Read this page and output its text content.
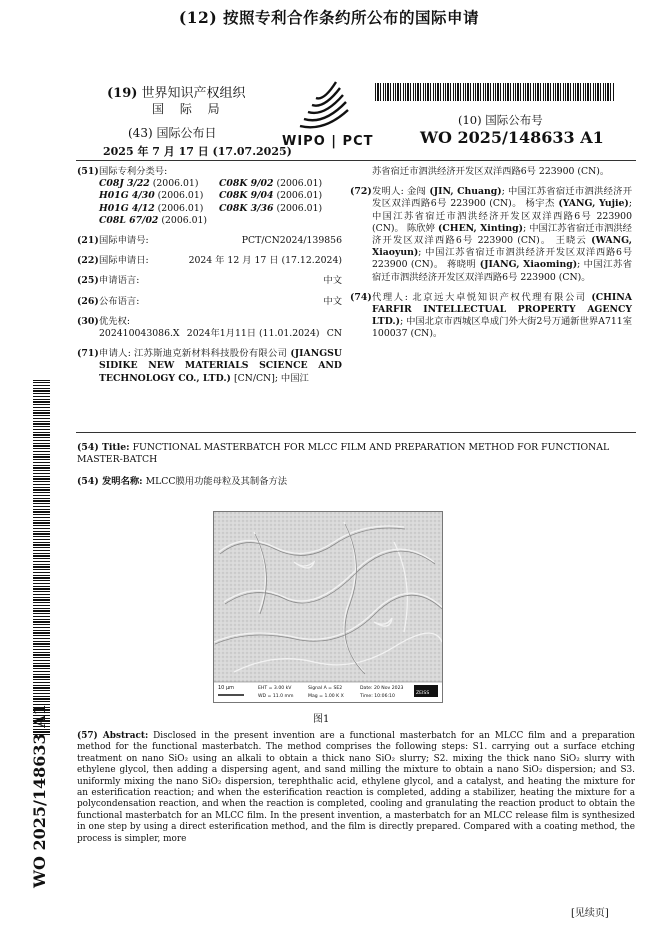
(12) 按照专利合作条约所公布的国际申请
(19) 世界知识产权组织
国 际 局
(43) 国际公布日
2025 年 7 月 17 日 (17.07.2025)
WIPO | PCT
(10) 国际公布号
WO 2025/148633 A1
(51) 国际专利分类号:
C08J 3/22 (2006.01)	C08K 9/02 (2006.01)
H01G 4/30 (2006.01)	C08K 9/04 (2006.01)
H01G 4/12 (2006.01)	C08K 3/36 (2006.01)
C08L 67/02 (2006.01)
(21) 国际申请号:	PCT/CN2024/139856
(22) 国际申请日:	2024 年 12 月 17 日 (17.12.2024)
(25) 申请语言:	中文
(26) 公布语言:	中文
(30) 优先权:
202410043086.X 2024年1月11日 (11.01.2024) CN
(71) 申请人: 江苏斯迪克新材料科技股份有限公司 (JIANGSU SIDIKE NEW MATERIALS SCIENCE AND TECHNOLOGY CO., LTD.) [CN/CN]; 中国江
苏省宿迁市泗洪经济开发区双洋西路6号 223900 (CN)。
(72) 发明人: 金闯 (JIN, Chuang); 中国江苏省宿迁市泗洪经济开发区双洋西路6号 223900 (CN)。 杨宇杰 (YANG, Yujie); 中国江苏省宿迁市泗洪经济开发区双洋西路6号 223900 (CN)。 陈欣婷 (CHEN, Xinting); 中国江苏省宿迁市泗洪经济开发区双洋西路6号 223900 (CN)。 王晓云 (WANG, Xiaoyun); 中国江苏省宿迁市泗洪经济开发区双洋西路6号 223900 (CN)。 蒋晓明 (JIANG, Xiaoming); 中国江苏省宿迁市泗洪经济开发区双洋西路6号 223900 (CN)。
(74) 代理人: 北京远大卓悦知识产权代理有限公司 (CHINA FARFIR INTELLECTUAL PROPERTY AGENCY LTD.); 中国北京市西城区阜成门外大街2号万通新世界A711室 100037 (CN)。
(54) Title: FUNCTIONAL MASTERBATCH FOR MLCC FILM AND PREPARATION METHOD FOR FUNCTIONAL MASTER-BATCH
(54) 发明名称: MLCC膜用功能母粒及其制备方法
10 μm	EHT = 3.00 kV	Signal A = SE2	Date: 20 Nov 2023
WD = 11.0 mm	Mag = 1.00 K X	Time: 10:06:10
ZEISS
图1
(57) Abstract: Disclosed in the present invention are a functional masterbatch for an MLCC film and a preparation method for the functional masterbatch. The method comprises the following steps: S1. carrying out a surface etching treatment on nano SiO₂ using an alkali to obtain a thick nano SiO₂ slurry; S2. mixing the thick nano SiO₂ slurry with ethylene glycol, then adding a dispersing agent, and sand milling the mixture to obtain a nano SiO₂ dispersion; and S3. uniformly mixing the nano SiO₂ dispersion, terephthalic acid, ethylene glycol, and a catalyst, and heating the mixture for an esterification reaction; and when the esterification reaction is completed, adding a stabilizer, heating the mixture for a polycondensation reaction, and when the reaction is completed, cooling and granulating the reaction product to obtain the functional masterbatch for an MLCC film. In the present invention, a masterbatch for an MLCC release film is synthesized in one step by using a direct esterification method, and the film is directly prepared. Compared with a coating method, the process is simpler, more
WO 2025/148633 A1
[见续页]
